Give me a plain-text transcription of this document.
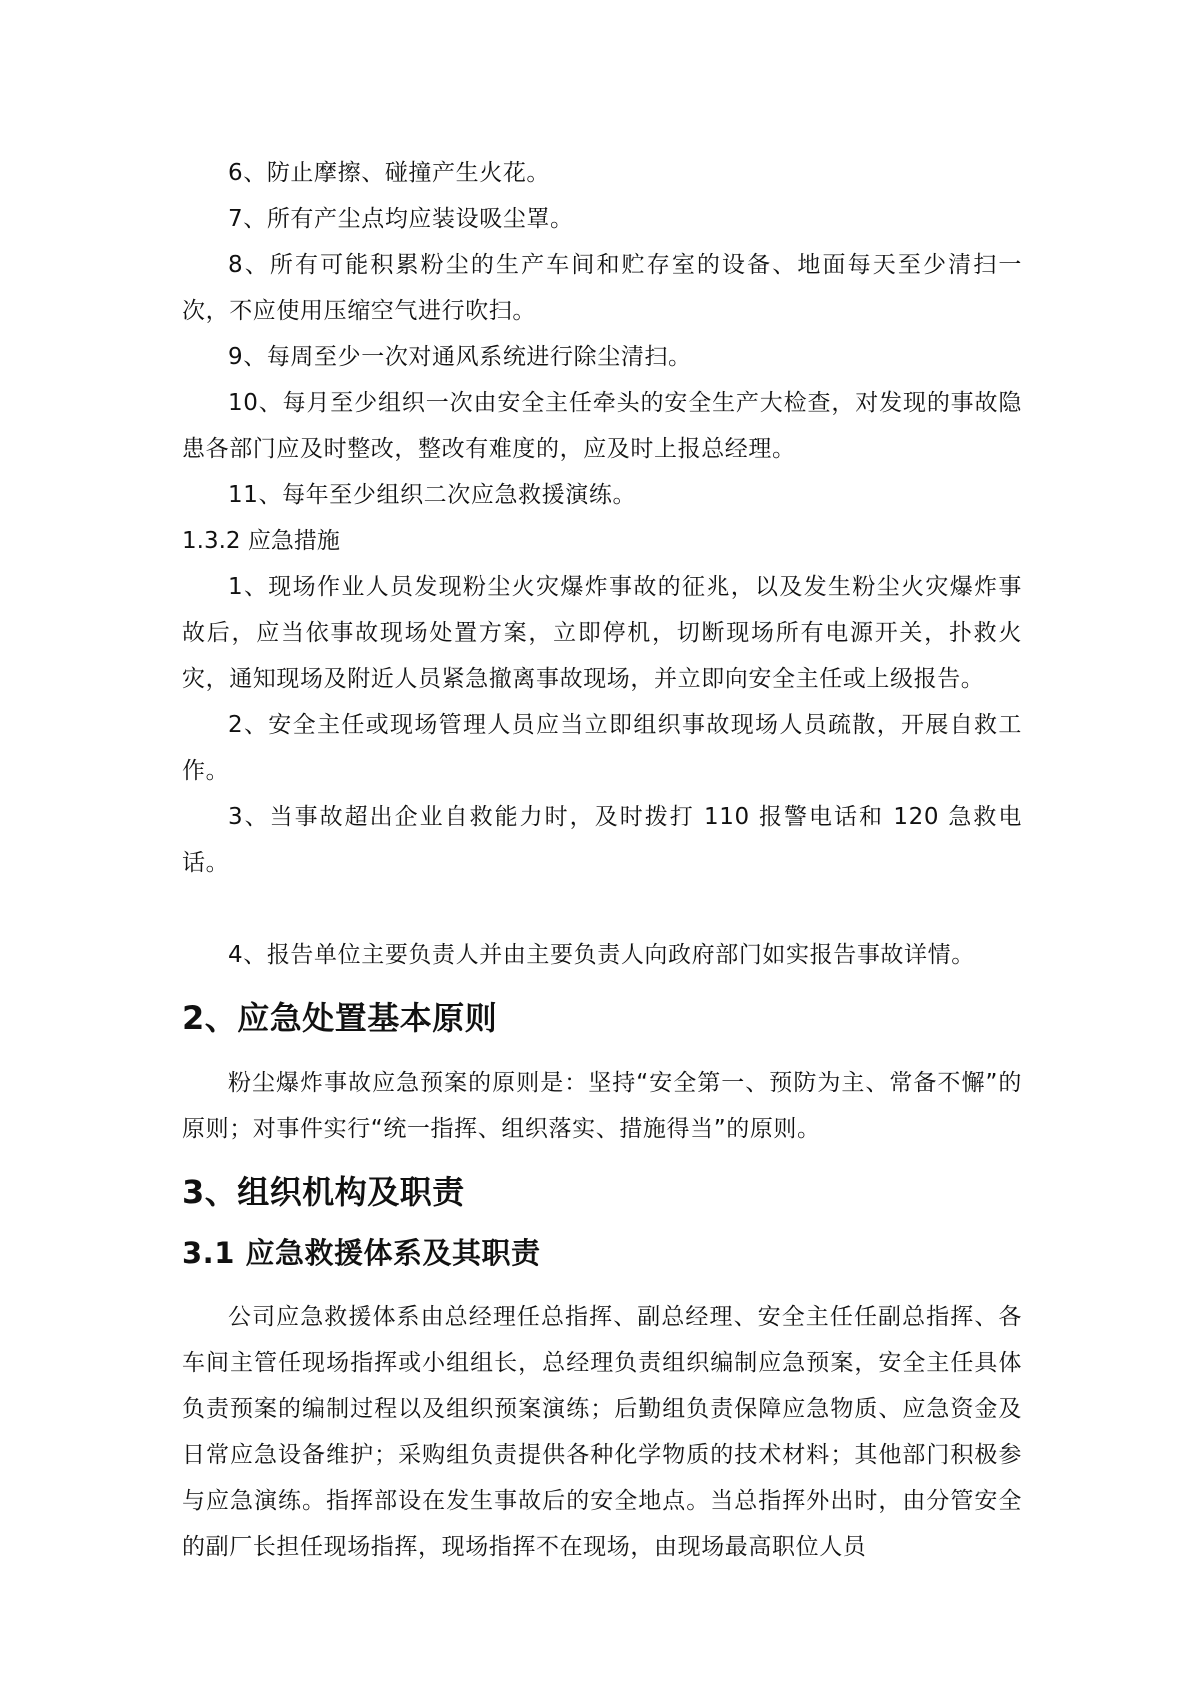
6、防止摩擦、碰撞产生火花。

7、所有产尘点均应装设吸尘罩。

8、所有可能积累粉尘的生产车间和贮存室的设备、地面每天至少清扫一次，不应使用压缩空气进行吹扫。

9、每周至少一次对通风系统进行除尘清扫。

10、每月至少组织一次由安全主任牵头的安全生产大检查，对发现的事故隐患各部门应及时整改，整改有难度的，应及时上报总经理。

11、每年至少组织二次应急救援演练。

1.3.2 应急措施

1、现场作业人员发现粉尘火灾爆炸事故的征兆，以及发生粉尘火灾爆炸事故后，应当依事故现场处置方案，立即停机，切断现场所有电源开关，扑救火灾，通知现场及附近人员紧急撤离事故现场，并立即向安全主任或上级报告。

2、安全主任或现场管理人员应当立即组织事故现场人员疏散，开展自救工作。

3、当事故超出企业自救能力时，及时拨打 110 报警电话和 120 急救电话。

4、报告单位主要负责人并由主要负责人向政府部门如实报告事故详情。

2、应急处置基本原则

粉尘爆炸事故应急预案的原则是：坚持“安全第一、预防为主、常备不懈”的原则；对事件实行“统一指挥、组织落实、措施得当”的原则。

3、组织机构及职责
3.1 应急救援体系及其职责

公司应急救援体系由总经理任总指挥、副总经理、安全主任任副总指挥、各车间主管任现场指挥或小组组长，总经理负责组织编制应急预案，安全主任具体负责预案的编制过程以及组织预案演练；后勤组负责保障应急物质、应急资金及日常应急设备维护；采购组负责提供各种化学物质的技术材料；其他部门积极参与应急演练。指挥部设在发生事故后的安全地点。当总指挥外出时，由分管安全的副厂长担任现场指挥，现场指挥不在现场，由现场最高职位人员
